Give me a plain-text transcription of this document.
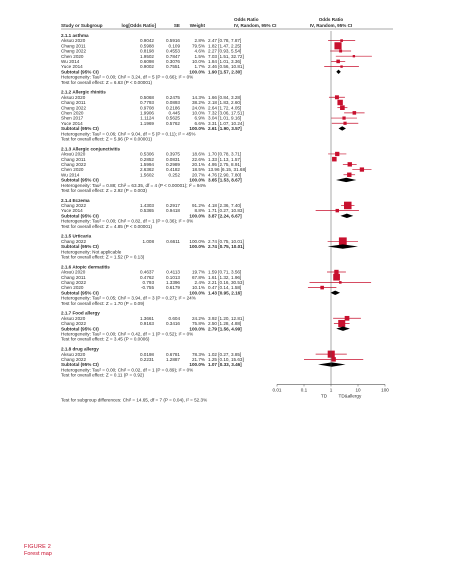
Odds Ratio
IV, Random, 95% CI
Odds Ratio
IV, Random, 95% CI
Study or Subgroup	log[Odds Ratio]	SE Weight
2.1.1 asthma
Aksuü 2020	0.9042	0.5916	2.8% 2.47 [0.78, 7.87]
Chang 2011	0.5988	0.109	79.5% 1.82 [1.47, 2.25]
Chang 2022	0.8198	0.4553	4.6% 2.27 [0.93, 5.54]
Chen 2020	1.9502	0.7847	1.5% 7.03 [1.51, 32.72]
Wu 2014	0.6098	0.3076	10.0% 1.84 [1.01, 3.36]
Yuce 2014	0.9002	0.7551	1.7% 2.46 [0.56, 10.81]
Subtotal (95% CI)	100.0% 1.90 [1.57, 2.30]
Heterogeneity: Tau² = 0.00; Chi² = 3.24, df = 5 (P = 0.66); I² = 0%
Test for overall effect: Z = 6.63 (P < 0.00001)
2.1.2 Allergic rhinitis
Aksuü 2020	0.5068	0.2475	14.3% 1.66 [0.84, 3.28]
Chang 2011	0.7793	0.0893	38.2% 2.18 [1.83, 2.60]
Chang 2022	0.9708	0.2186	24.0% 2.64 [1.72, 4.05]
Chen 2020	1.9906	0.445	10.0% 7.32 [3.06, 17.51]
Shen 2017	1.1124	0.5625	6.9% 3.04 [1.01, 9.16]
Yuce 2014	1.1969	0.5762	6.6% 3.31 [1.07, 10.24]
Subtotal (95% CI)	100.0% 2.61 [1.90, 3.57]
Heterogeneity: Tau² = 0.06; Chi² = 9.04, df = 5 (P = 0.11); I² = 45%
Test for overall effect: Z = 5.96 (P < 0.00001)
2.1.3 Allergic conjunctivitis
Aksuü 2020	0.5306	0.3975	18.6% 1.70 [0.78, 3.71]
Chang 2011	0.2852	0.0831	22.6% 1.33 [1.13, 1.57]
Chang 2022	1.5994	0.2989	20.1% 4.95 [2.75, 8.91]
Chen 2020	2.6362	0.4182	18.5% 13.96 [6.15, 31.68]
Wu 2014	1.5602	0.252	20.7% 4.76 [2.90, 7.80]
Subtotal (95% CI)	100.0% 3.65 [1.53, 8.67]
Heterogeneity: Tau² = 0.88; Chi² = 63.35, df = 4 (P < 0.00001); I² = 94%
Test for overall effect: Z = 2.92 (P = 0.003)
2.1.4 Eczema
Chang 2022	1.4303	0.2917	91.2% 4.18 [2.36, 7.40]
Yuce 2014	0.5365	0.9418	8.8% 1.71 [0.27, 10.83]
Subtotal (95% CI)	100.0% 3.87 [2.24, 6.67]
Heterogeneity: Tau² = 0.00; Chi² = 0.82, df = 1 (P = 0.36); I² = 0%
Test for overall effect: Z = 4.85 (P < 0.00001)
2.1.5 Urticaria
Chang 2022	1.008	0.6611 100.0% 2.74 [0.75, 10.01]
Subtotal (95% CI)	100.0% 2.74 [0.75, 10.01]
Heterogeneity: Not applicable
Test for overall effect: Z = 1.52 (P = 0.13)
2.1.6 Atopic dermatitis
Aksuü 2020	0.4637	0.4113	19.7% 1.59 [0.71, 3.56]
Chang 2011	0.4762	0.1013	67.8% 1.61 [1.32, 1.96]
Chang 2022	0.793	1.3396	2.4% 2.21 [0.16, 30.53]
Chen 2020	-0.755	0.6179	10.1% 0.47 [0.14, 1.58]
Subtotal (95% CI)	100.0% 1.43 [0.95, 2.16]
Heterogeneity: Tau² = 0.05; Chi² = 3.94, df = 3 (P = 0.27); I² = 24%
Test for overall effect: Z = 1.70 (P = 0.09)
2.1.7 Food allergy
Aksuü 2020	1.3661	0.604	24.2% 3.92 [1.20, 12.81]
Chang 2022	0.9163	0.3416	75.8% 2.50 [1.28, 4.88]
Subtotal (95% CI)	100.0% 2.79 [1.56, 4.99]
Heterogeneity: Tau² = 0.00; Chi² = 0.42, df = 1 (P = 0.52); I² = 0%
Test for overall effect: Z = 3.45 (P = 0.0006)
2.1.8 drug allergy
Aksuü 2020	0.0198	0.6781	78.3% 1.02 [0.27, 3.85]
Chang 2022	0.2231	1.2887	21.7% 1.25 [0.10, 15.63]
Subtotal (95% CI)	100.0% 1.07 [0.33, 3.46]
Heterogeneity: Tau² = 0.00; Chi² = 0.02, df = 1 (P = 0.89); I² = 0%
Test for overall effect: Z = 0.11 (P = 0.92)
0.01	0.1	1	10	100
TD TD&allergy
Test for subgroup differences: Chi² = 14.65, df = 7 (P = 0.04), I² = 52.3%
FIGURE 2
Forest map
